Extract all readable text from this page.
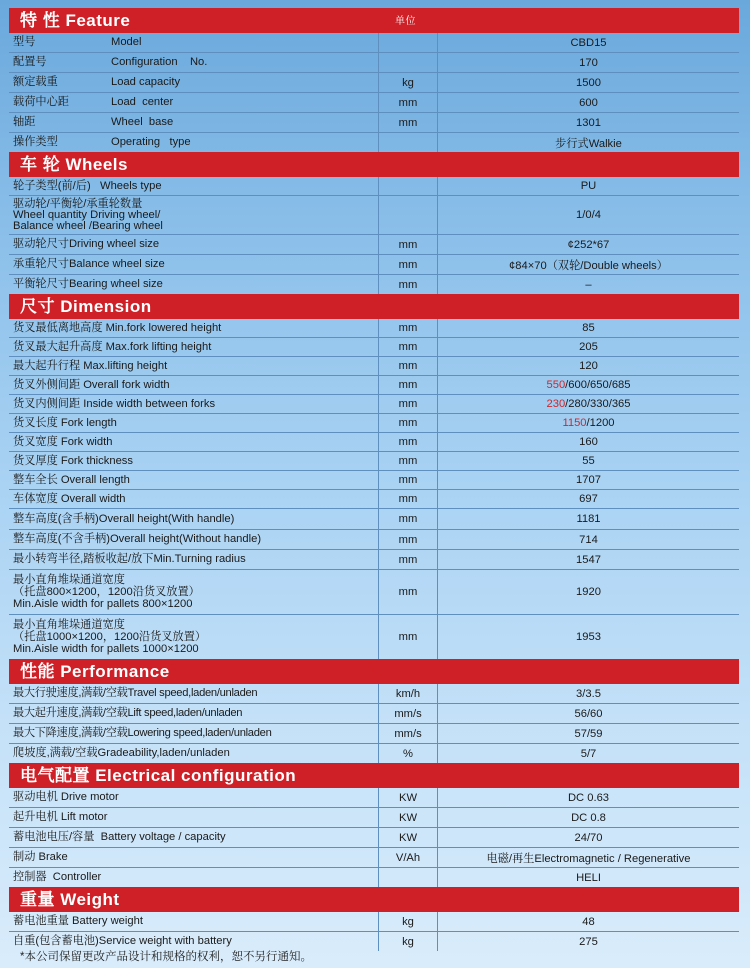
特 性 Feature	单位
型号	Model	CBD15
配置号	Configuration    No.	170
额定载重	Load capacity	kg	1500
载荷中心距	Load  center	mm	600
轴距	Wheel  base	mm	1301
操作类型	Operating   type	步行式Walkie
车 轮 Wheels
轮子类型(前/后)   Wheels type	PU
驱动轮/平衡轮/承重轮数量
Wheel quantity Driving wheel/
Balance wheel /Bearing wheel
1/0/4
驱动轮尺寸Driving wheel size	mm	¢252*67
承重轮尺寸Balance wheel size	mm	¢84×70（双轮/Double wheels）
平衡轮尺寸Bearing wheel size	mm	–
尺寸 Dimension
货叉最低离地高度 Min.fork lowered height	mm	85
货叉最大起升高度 Max.fork lifting height	mm	205
最大起升行程 Max.lifting height	mm	120
货叉外侧间距 Overall fork width	mm	550 /600/650/685
货叉内侧间距 Inside width between forks	mm	230 /280/330/365
货叉长度 Fork length	mm	1150 /1200
货叉宽度 Fork width	mm	160
货叉厚度 Fork thickness	mm	55
整车全长 Overall length	mm	1707
车体宽度 Overall width	mm	697
整车高度(含手柄)Overall height(With handle)	mm	1181
整车高度(不含手柄)Overall height(Without handle)	mm	714
最小转弯半径,踏板收起/放下Min.Turning radius	mm	1547
最小直角堆垛通道宽度
（托盘800×1200，1200沿货叉放置）
Min.Aisle width for pallets 800×1200
mm	1920
最小直角堆垛通道宽度
（托盘1000×1200，1200沿货叉放置）
Min.Aisle width for pallets 1000×1200
mm	1953
性能 Performance
最大行驶速度,满载/空载Travel speed,laden/unladen	km/h	3/3.5
最大起升速度,满载/空载Lift speed,laden/unladen	mm/s	56/60
最大下降速度,满载/空载Lowering speed,laden/unladen	mm/s	57/59
爬坡度,满载/空载Gradeability,laden/unladen	%	5/7
电气配置 Electrical configuration
驱动电机 Drive motor	KW	DC 0.63
起升电机 Lift motor	KW	DC 0.8
蓄电池电压/容量  Battery voltage / capacity	KW	24/70
制动 Brake	V/Ah	电磁/再生Electromagnetic / Regenerative
控制器  Controller	HELI
重量 Weight
蓄电池重量 Battery weight	kg	48
自重(包含蓄电池)Service weight with battery	kg	275
*本公司保留更改产品设计和规格的权利，恕不另行通知。
